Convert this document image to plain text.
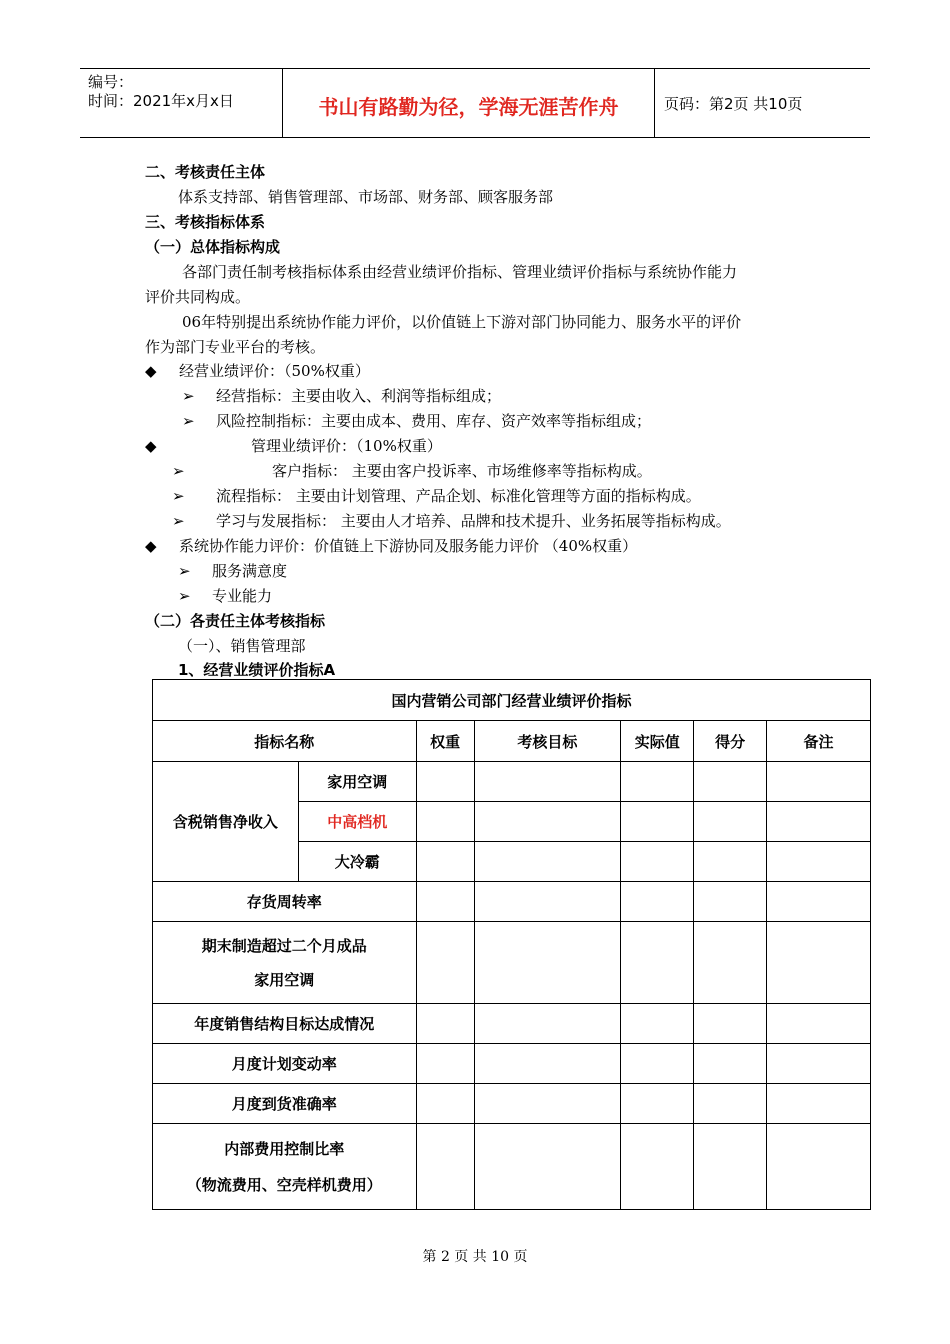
编号：
时间：2021年x月x日	书山有路勤为径，学海无涯苦作舟	页码：第2页 共10页
二、考核责任主体
体系支持部、销售管理部、市场部、财务部、顾客服务部
三、考核指标体系
（一）总体指标构成
各部门责任制考核指标体系由经营业绩评价指标、管理业绩评价指标与系统协作能力
评价共同构成。
06年特别提出系统协作能力评价，以价值链上下游对部门协同能力、服务水平的评价
作为部门专业平台的考核。
◆ 经营业绩评价：（50%权重）
➢ 经营指标：主要由收入、利润等指标组成；
➢ 风险控制指标：主要由成本、费用、库存、资产效率等指标组成；
◆	管理业绩评价：（10%权重）
➢	客户指标： 主要由客户投诉率、市场维修率等指标构成。
➢ 流程指标： 主要由计划管理、产品企划、标准化管理等方面的指标构成。
➢ 学习与发展指标： 主要由人才培养、品牌和技术提升、业务拓展等指标构成。
◆ 系统协作能力评价：价值链上下游协同及服务能力评价 （40%权重）
➢ 服务满意度
➢ 专业能力
（二）各责任主体考核指标
（一）、销售管理部
1、经营业绩评价指标A
国内营销公司部门经营业绩评价指标						
指标名称		权重	考核目标	实际值	得分	备注
含税销售净收入	家用空调					
	中高档机					
	大冷霸					
存货周转率						

期末制造超过二个月成品
家用空调						

年度销售结构目标达成情况						
月度计划变动率						
月度到货准确率						

内部费用控制比率
（物流费用、空壳样机费用）						

第 2 页 共 10 页
